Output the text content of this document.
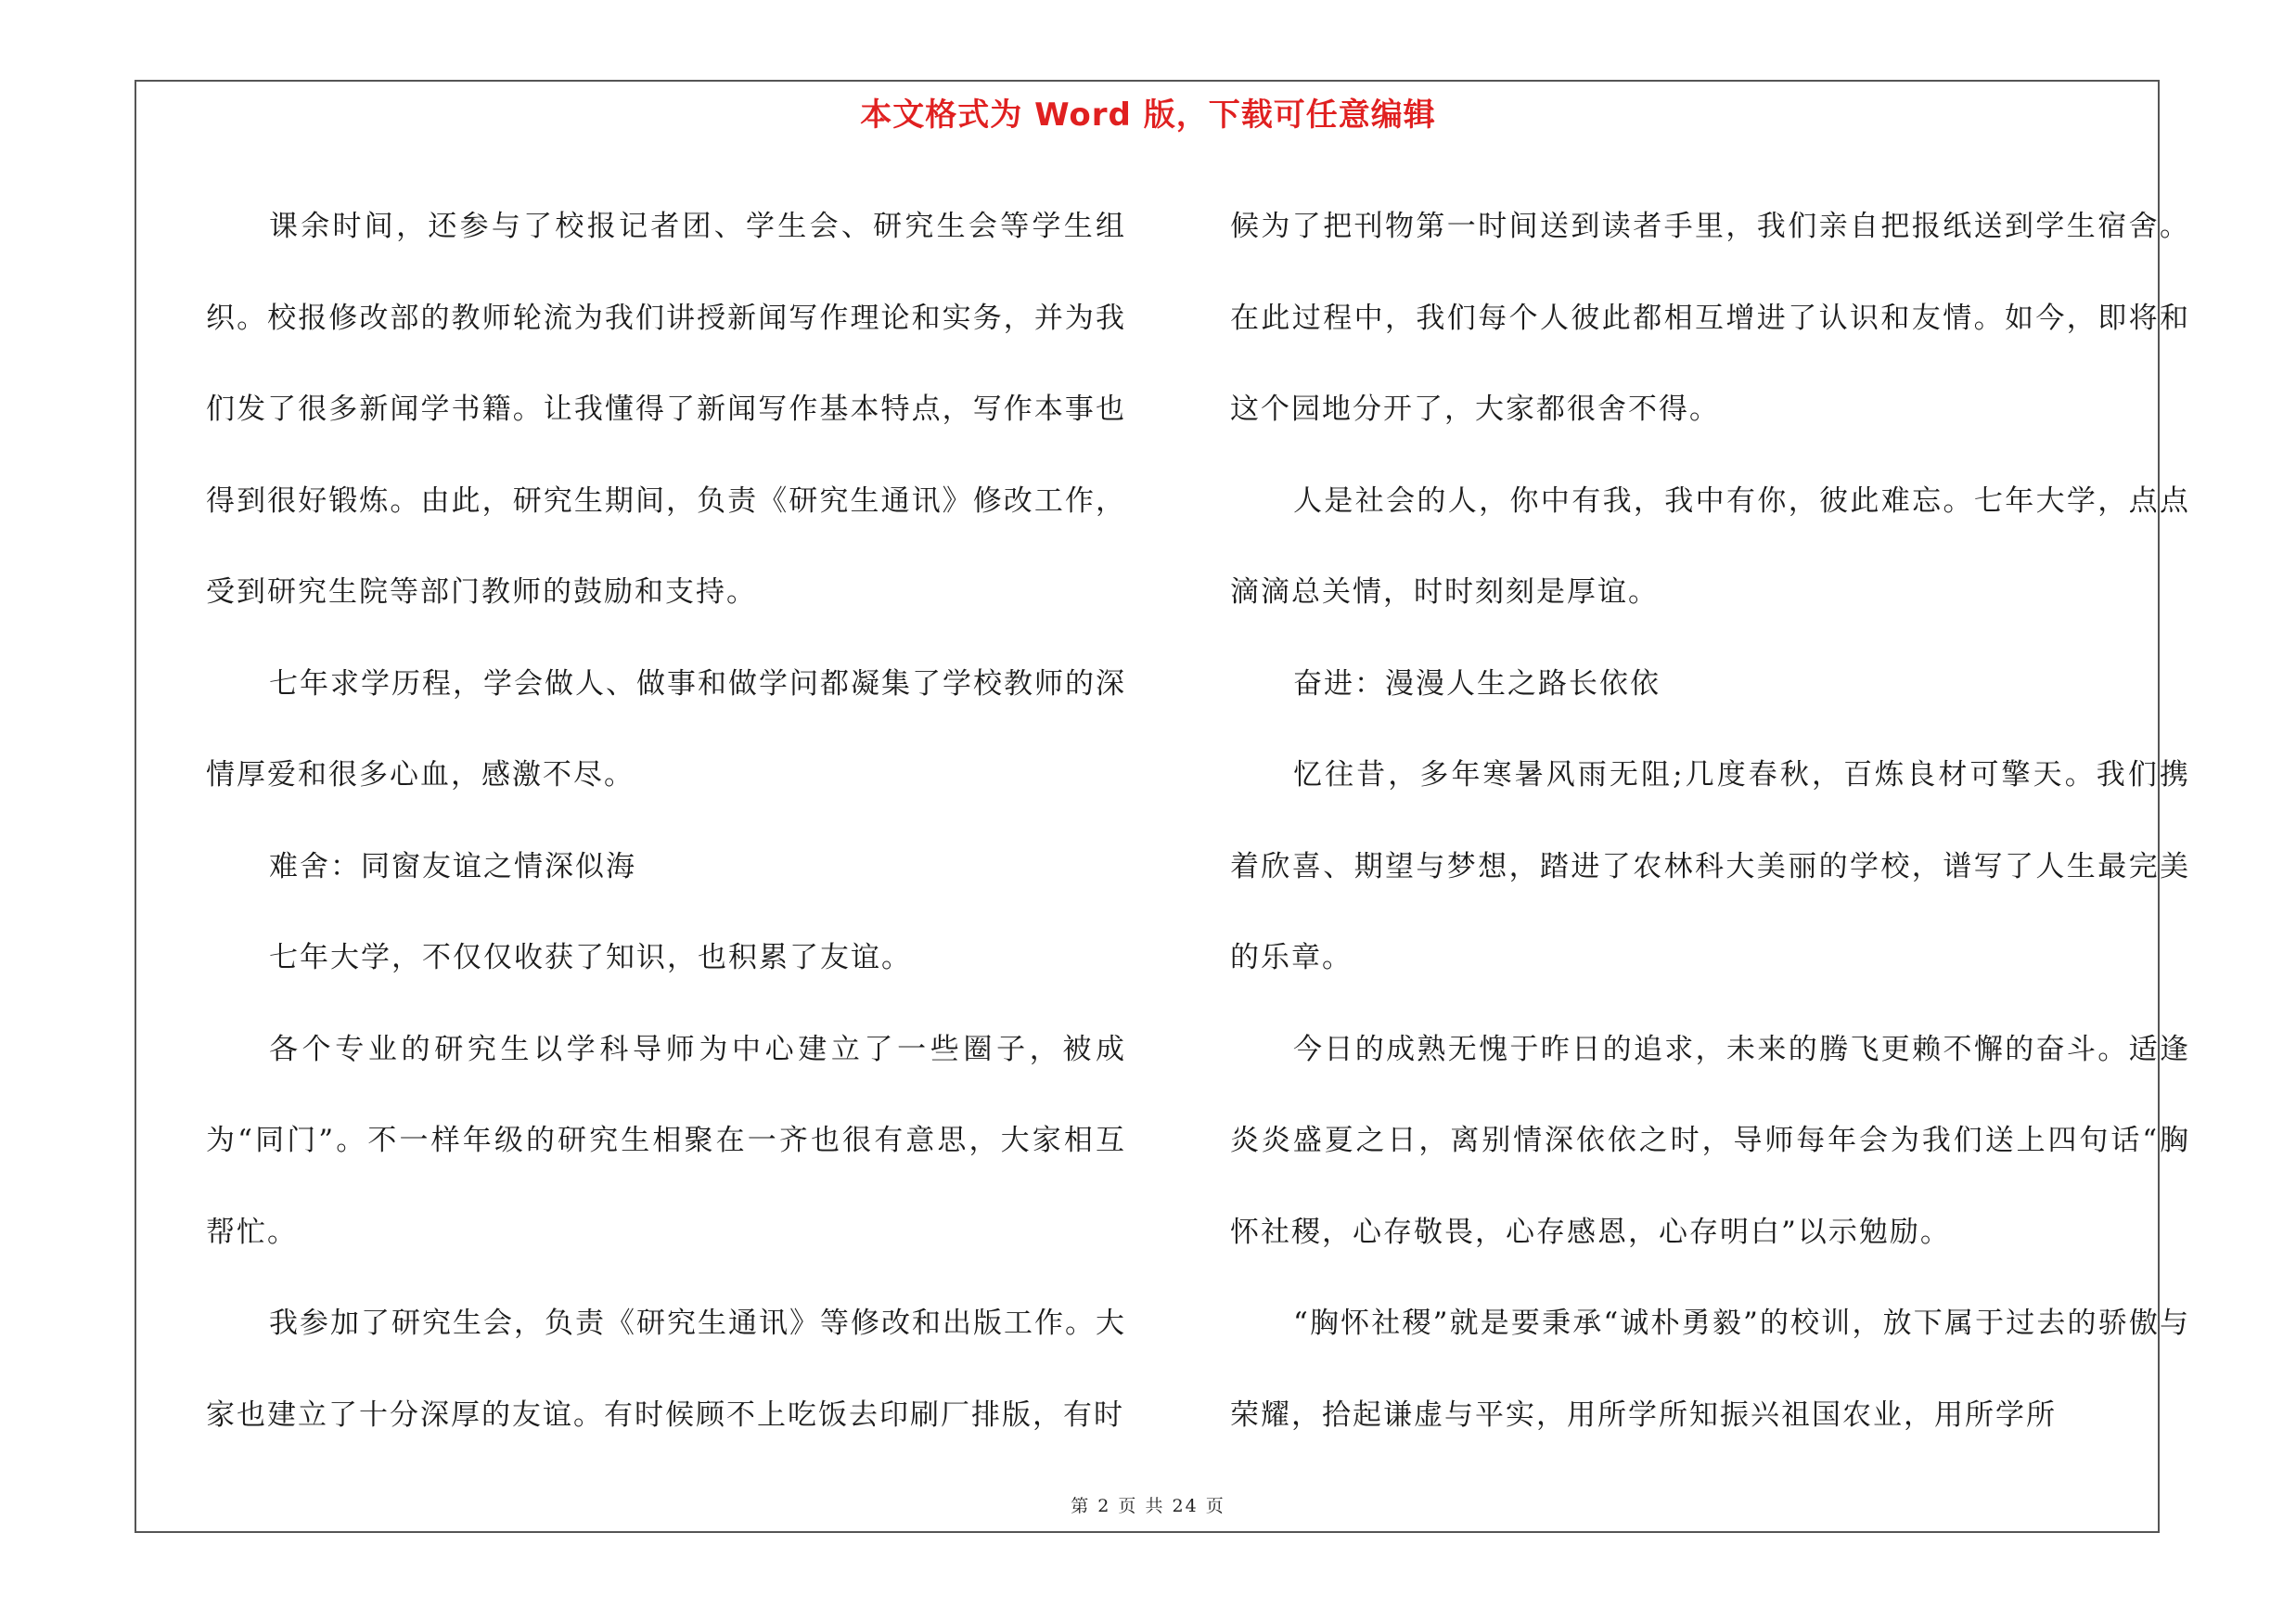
本文格式为 Word 版，下载可任意编辑

课余时间，还参与了校报记者团、学生会、研究生会等学生组织。校报修改部的教师轮流为我们讲授新闻写作理论和实务，并为我们发了很多新闻学书籍。让我懂得了新闻写作基本特点，写作本事也得到很好锻炼。由此，研究生期间，负责《研究生通讯》修改工作，受到研究生院等部门教师的鼓励和支持。

七年求学历程，学会做人、做事和做学问都凝集了学校教师的深情厚爱和很多心血，感激不尽。

难舍：同窗友谊之情深似海

七年大学，不仅仅收获了知识，也积累了友谊。

各个专业的研究生以学科导师为中心建立了一些圈子，被成为“同门”。不一样年级的研究生相聚在一齐也很有意思，大家相互帮忙。

我参加了研究生会，负责《研究生通讯》等修改和出版工作。大家也建立了十分深厚的友谊。有时候顾不上吃饭去印刷厂排版，有时

候为了把刊物第一时间送到读者手里，我们亲自把报纸送到学生宿舍。在此过程中，我们每个人彼此都相互增进了认识和友情。如今，即将和这个园地分开了，大家都很舍不得。

人是社会的人，你中有我，我中有你，彼此难忘。七年大学，点点滴滴总关情，时时刻刻是厚谊。

奋进：漫漫人生之路长依依

忆往昔，多年寒暑风雨无阻;几度春秋，百炼良材可擎天。我们携着欣喜、期望与梦想，踏进了农林科大美丽的学校，谱写了人生最完美的乐章。

今日的成熟无愧于昨日的追求，未来的腾飞更赖不懈的奋斗。适逢炎炎盛夏之日，离别情深依依之时，导师每年会为我们送上四句话“胸怀社稷，心存敬畏，心存感恩，心存明白”以示勉励。

“胸怀社稷”就是要秉承“诚朴勇毅”的校训，放下属于过去的骄傲与荣耀，拾起谦虚与平实，用所学所知振兴祖国农业，用所学所

第 2 页 共 24 页
